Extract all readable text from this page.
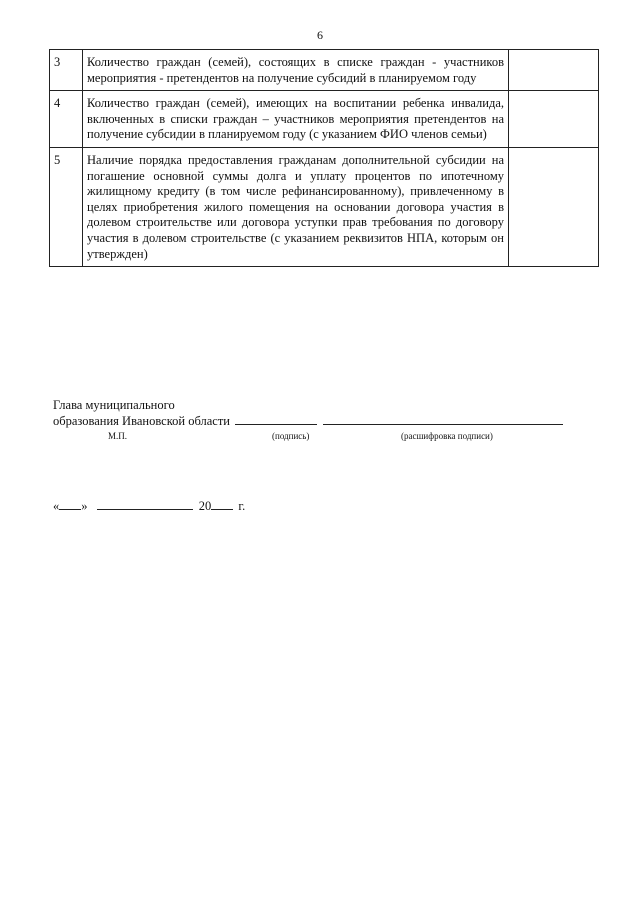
6
3	Количество граждан (семей), состоящих в списке граждан - участников мероприятия - претендентов на получение субсидий в планируемом году	
4	Количество граждан (семей), имеющих на воспитании ребенка инвалида, включенных в списки граждан – участников мероприятия претендентов на получение субсидии в планируемом году (с указанием ФИО членов семьи)	
5	Наличие порядка предоставления гражданам дополнительной субсидии на погашение основной суммы долга и уплату процентов по ипотечному жилищному кредиту (в том числе рефинансированному), привлеченному в целях приобретения жилого помещения на основании договора участия в долевом строительстве или договора уступки прав требования по договору участия в долевом строительстве (с указанием реквизитов НПА, которым он утвержден)	
Глава муниципального
образования Ивановской области
М.П.	(подпись)	(расшифровка подписи)
« »	20 г.
